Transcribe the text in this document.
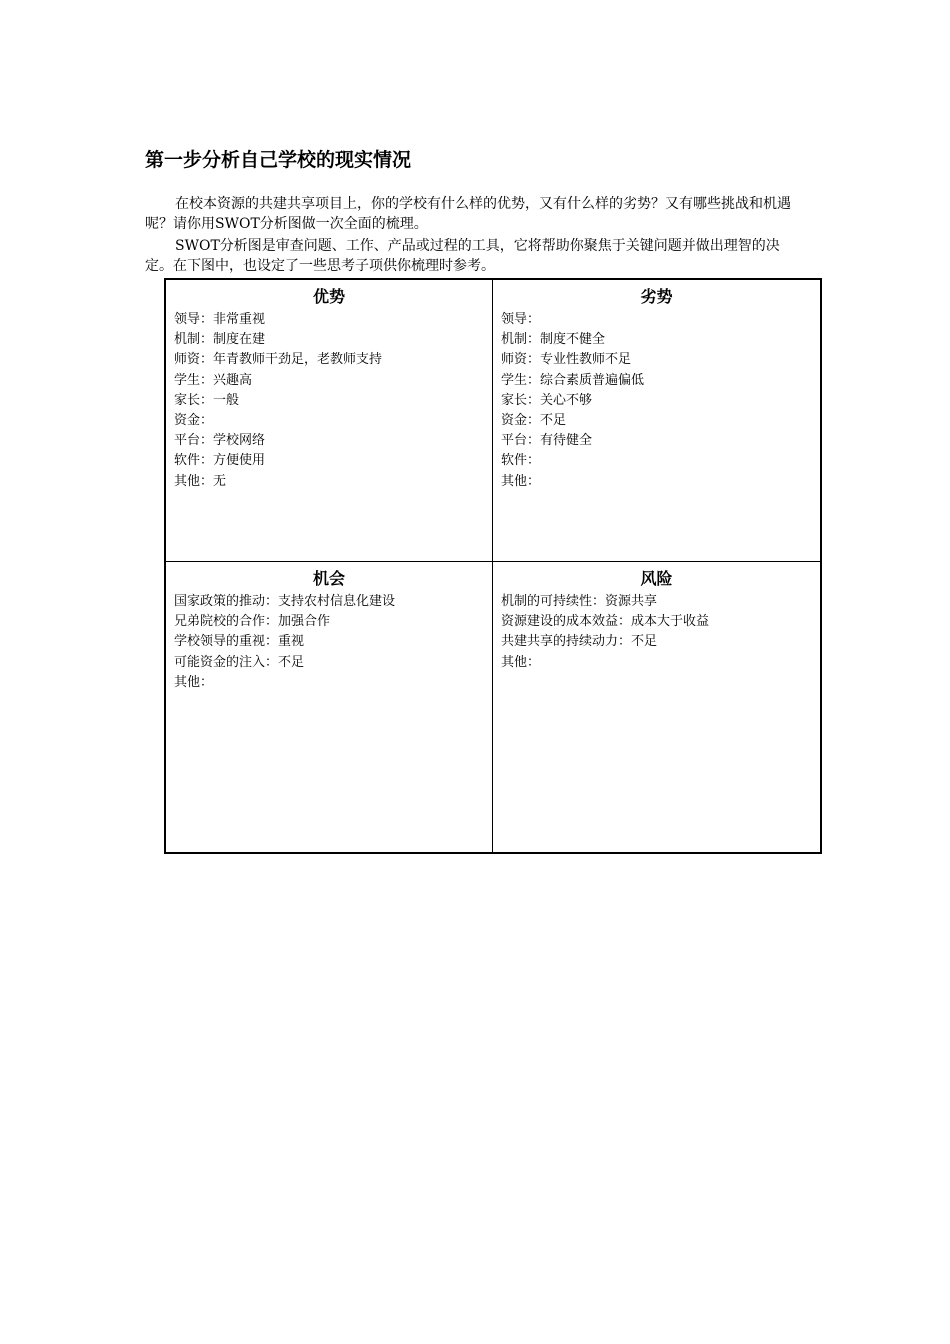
第一步分析自己学校的现实情况

在校本资源的共建共享项目上，你的学校有什么样的优势，又有什么样的劣势？又有哪些挑战和机遇呢？请你用SWOT分析图做一次全面的梳理。

SWOT分析图是审查问题、工作、产品或过程的工具，它将帮助你聚焦于关键问题并做出理智的决定。在下图中，也设定了一些思考子项供你梳理时参考。

优势
领导：非常重视
机制：制度在建
师资：年青教师干劲足，老教师支持
学生：兴趣高
家长：一般
资金：
平台：学校网络
软件：方便使用
其他：无
劣势
领导：
机制：制度不健全
师资：专业性教师不足
学生：综合素质普遍偏低
家长：关心不够
资金：不足
平台：有待健全
软件：
其他：
机会
国家政策的推动：支持农村信息化建设
兄弟院校的合作：加强合作
学校领导的重视：重视
可能资金的注入：不足
其他：
风险
机制的可持续性：资源共享
资源建设的成本效益：成本大于收益
共建共享的持续动力：不足
其他：
